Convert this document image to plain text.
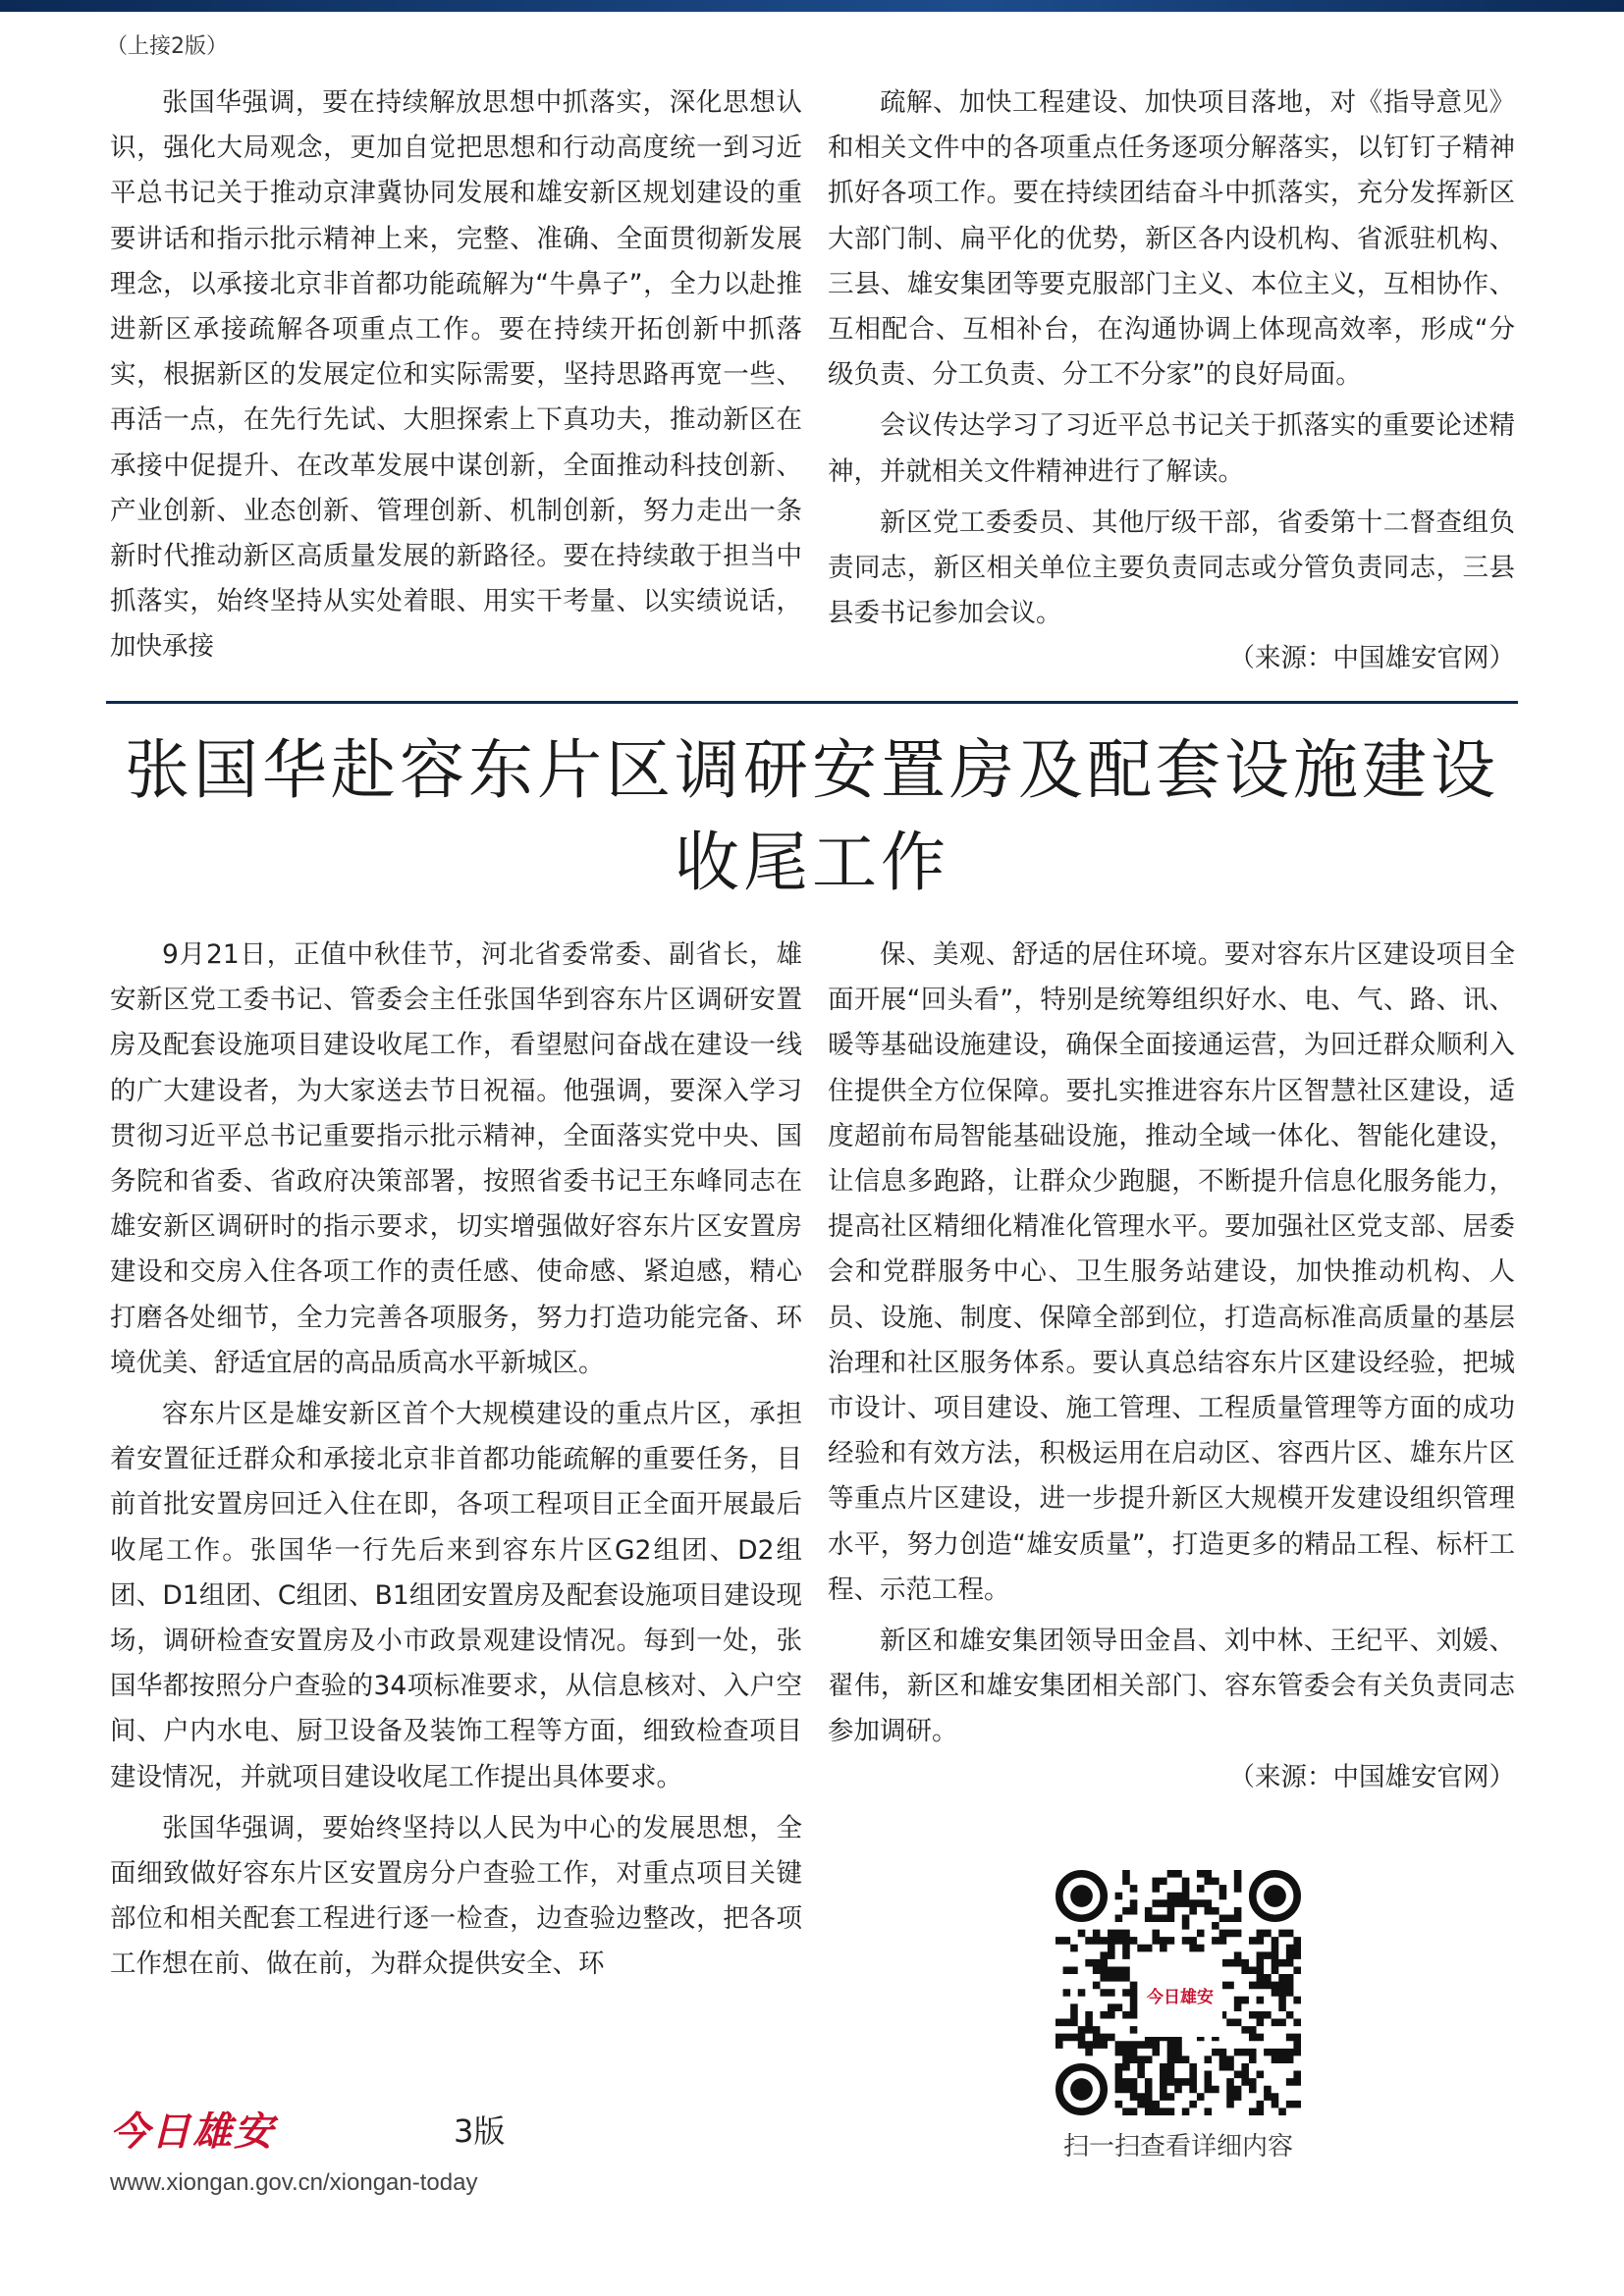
（上接2版）

张国华强调，要在持续解放思想中抓落实，深化思想认识，强化大局观念，更加自觉把思想和行动高度统一到习近平总书记关于推动京津冀协同发展和雄安新区规划建设的重要讲话和指示批示精神上来，完整、准确、全面贯彻新发展理念，以承接北京非首都功能疏解为“牛鼻子”，全力以赴推进新区承接疏解各项重点工作。要在持续开拓创新中抓落实，根据新区的发展定位和实际需要，坚持思路再宽一些、再活一点，在先行先试、大胆探索上下真功夫，推动新区在承接中促提升、在改革发展中谋创新，全面推动科技创新、产业创新、业态创新、管理创新、机制创新，努力走出一条新时代推动新区高质量发展的新路径。要在持续敢于担当中抓落实，始终坚持从实处着眼、用实干考量、以实绩说话，加快承接

疏解、加快工程建设、加快项目落地，对《指导意见》和相关文件中的各项重点任务逐项分解落实，以钉钉子精神抓好各项工作。要在持续团结奋斗中抓落实，充分发挥新区大部门制、扁平化的优势，新区各内设机构、省派驻机构、三县、雄安集团等要克服部门主义、本位主义，互相协作、互相配合、互相补台，在沟通协调上体现高效率，形成“分级负责、分工负责、分工不分家”的良好局面。

会议传达学习了习近平总书记关于抓落实的重要论述精神，并就相关文件精神进行了解读。

新区党工委委员、其他厅级干部，省委第十二督查组负责同志，新区相关单位主要负责同志或分管负责同志，三县县委书记参加会议。
（来源：中国雄安官网）

张国华赴容东片区调研安置房及配套设施建设
收尾工作

9月21日，正值中秋佳节，河北省委常委、副省长，雄安新区党工委书记、管委会主任张国华到容东片区调研安置房及配套设施项目建设收尾工作，看望慰问奋战在建设一线的广大建设者，为大家送去节日祝福。他强调，要深入学习贯彻习近平总书记重要指示批示精神，全面落实党中央、国务院和省委、省政府决策部署，按照省委书记王东峰同志在雄安新区调研时的指示要求，切实增强做好容东片区安置房建设和交房入住各项工作的责任感、使命感、紧迫感，精心打磨各处细节，全力完善各项服务，努力打造功能完备、环境优美、舒适宜居的高品质高水平新城区。

容东片区是雄安新区首个大规模建设的重点片区，承担着安置征迁群众和承接北京非首都功能疏解的重要任务，目前首批安置房回迁入住在即，各项工程项目正全面开展最后收尾工作。张国华一行先后来到容东片区G2组团、D2组团、D1组团、C组团、B1组团安置房及配套设施项目建设现场，调研检查安置房及小市政景观建设情况。每到一处，张国华都按照分户查验的34项标准要求，从信息核对、入户空间、户内水电、厨卫设备及装饰工程等方面，细致检查项目建设情况，并就项目建设收尾工作提出具体要求。

张国华强调，要始终坚持以人民为中心的发展思想，全面细致做好容东片区安置房分户查验工作，对重点项目关键部位和相关配套工程进行逐一检查，边查验边整改，把各项工作想在前、做在前，为群众提供安全、环

保、美观、舒适的居住环境。要对容东片区建设项目全面开展“回头看”，特别是统筹组织好水、电、气、路、讯、暖等基础设施建设，确保全面接通运营，为回迁群众顺利入住提供全方位保障。要扎实推进容东片区智慧社区建设，适度超前布局智能基础设施，推动全域一体化、智能化建设，让信息多跑路，让群众少跑腿，不断提升信息化服务能力，提高社区精细化精准化管理水平。要加强社区党支部、居委会和党群服务中心、卫生服务站建设，加快推动机构、人员、设施、制度、保障全部到位，打造高标准高质量的基层治理和社区服务体系。要认真总结容东片区建设经验，把城市设计、项目建设、施工管理、工程质量管理等方面的成功经验和有效方法，积极运用在启动区、容西片区、雄东片区等重点片区建设，进一步提升新区大规模开发建设组织管理水平，努力创造“雄安质量”，打造更多的精品工程、标杆工程、示范工程。

新区和雄安集团领导田金昌、刘中林、王纪平、刘媛、翟伟，新区和雄安集团相关部门、容东管委会有关负责同志参加调研。
（来源：中国雄安官网）

今日雄安
扫一扫查看详细内容
今日雄安	3版
www.xiongan.gov.cn/xiongan-today
